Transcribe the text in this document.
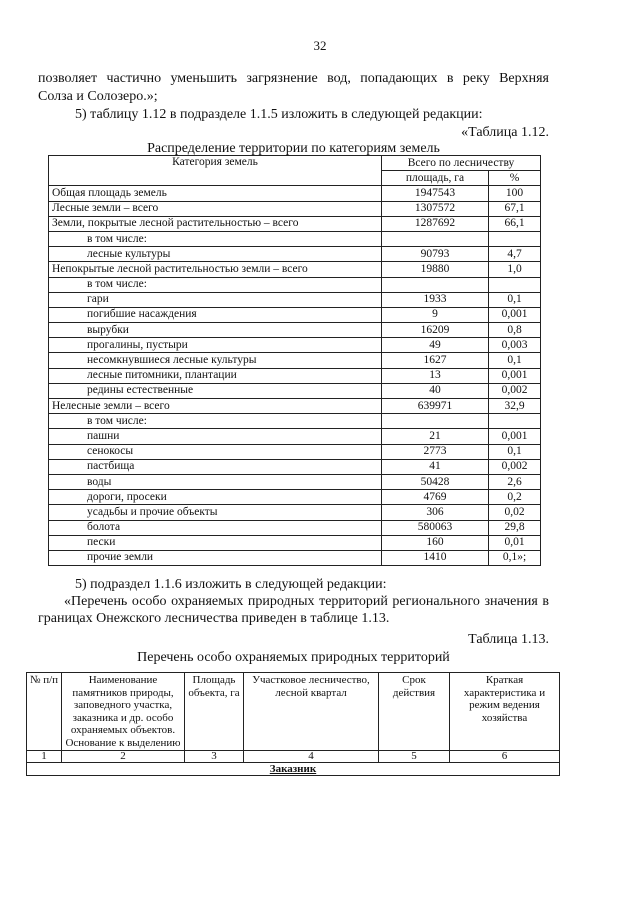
32
позволяет частично уменьшить загрязнение вод, попадающих в реку Верхняя
Солза и Солозеро.»;
5) таблицу 1.12 в подразделе 1.1.5 изложить в следующей редакции:
«Таблица 1.12.
Распределение территории по категориям земель
Категория земель	Всего по лесничеству	
	площадь, га	%
Общая площадь земель	1947543	100
Лесные земли – всего	1307572	67,1
Земли, покрытые лесной растительностью – всего	1287692	66,1
в том числе:		
лесные культуры	90793	4,7
Непокрытые лесной растительностью земли – всего	19880	1,0
в том числе:		
гари	1933	0,1
погибшие насаждения	9	0,001
вырубки	16209	0,8
прогалины, пустыри	49	0,003
несомкнувшиеся лесные культуры	1627	0,1
лесные питомники, плантации	13	0,001
редины естественные	40	0,002
Нелесные земли – всего	639971	32,9
в том числе:		
пашни	21	0,001
сенокосы	2773	0,1
пастбища	41	0,002
воды	50428	2,6
дороги, просеки	4769	0,2
усадьбы и прочие объекты	306	0,02
болота	580063	29,8
пески	160	0,01
прочие земли	1410	0,1»;
5) подраздел 1.1.6 изложить в следующей редакции:
«Перечень особо охраняемых природных территорий регионального значения в границах Онежского лесничества приведен в таблице 1.13.
Таблица 1.13.
Перечень особо охраняемых природных территорий
№ п/п	Наименование памятников природы, заповедного участка, заказника и др. особо охраняемых объектов. Основание к выделению	Площадь объекта, га	Участковое лесничество, лесной квартал	Срок действия	Краткая характеристика и режим ведения хозяйства
1	2	3	4	5	6
Заказник					
